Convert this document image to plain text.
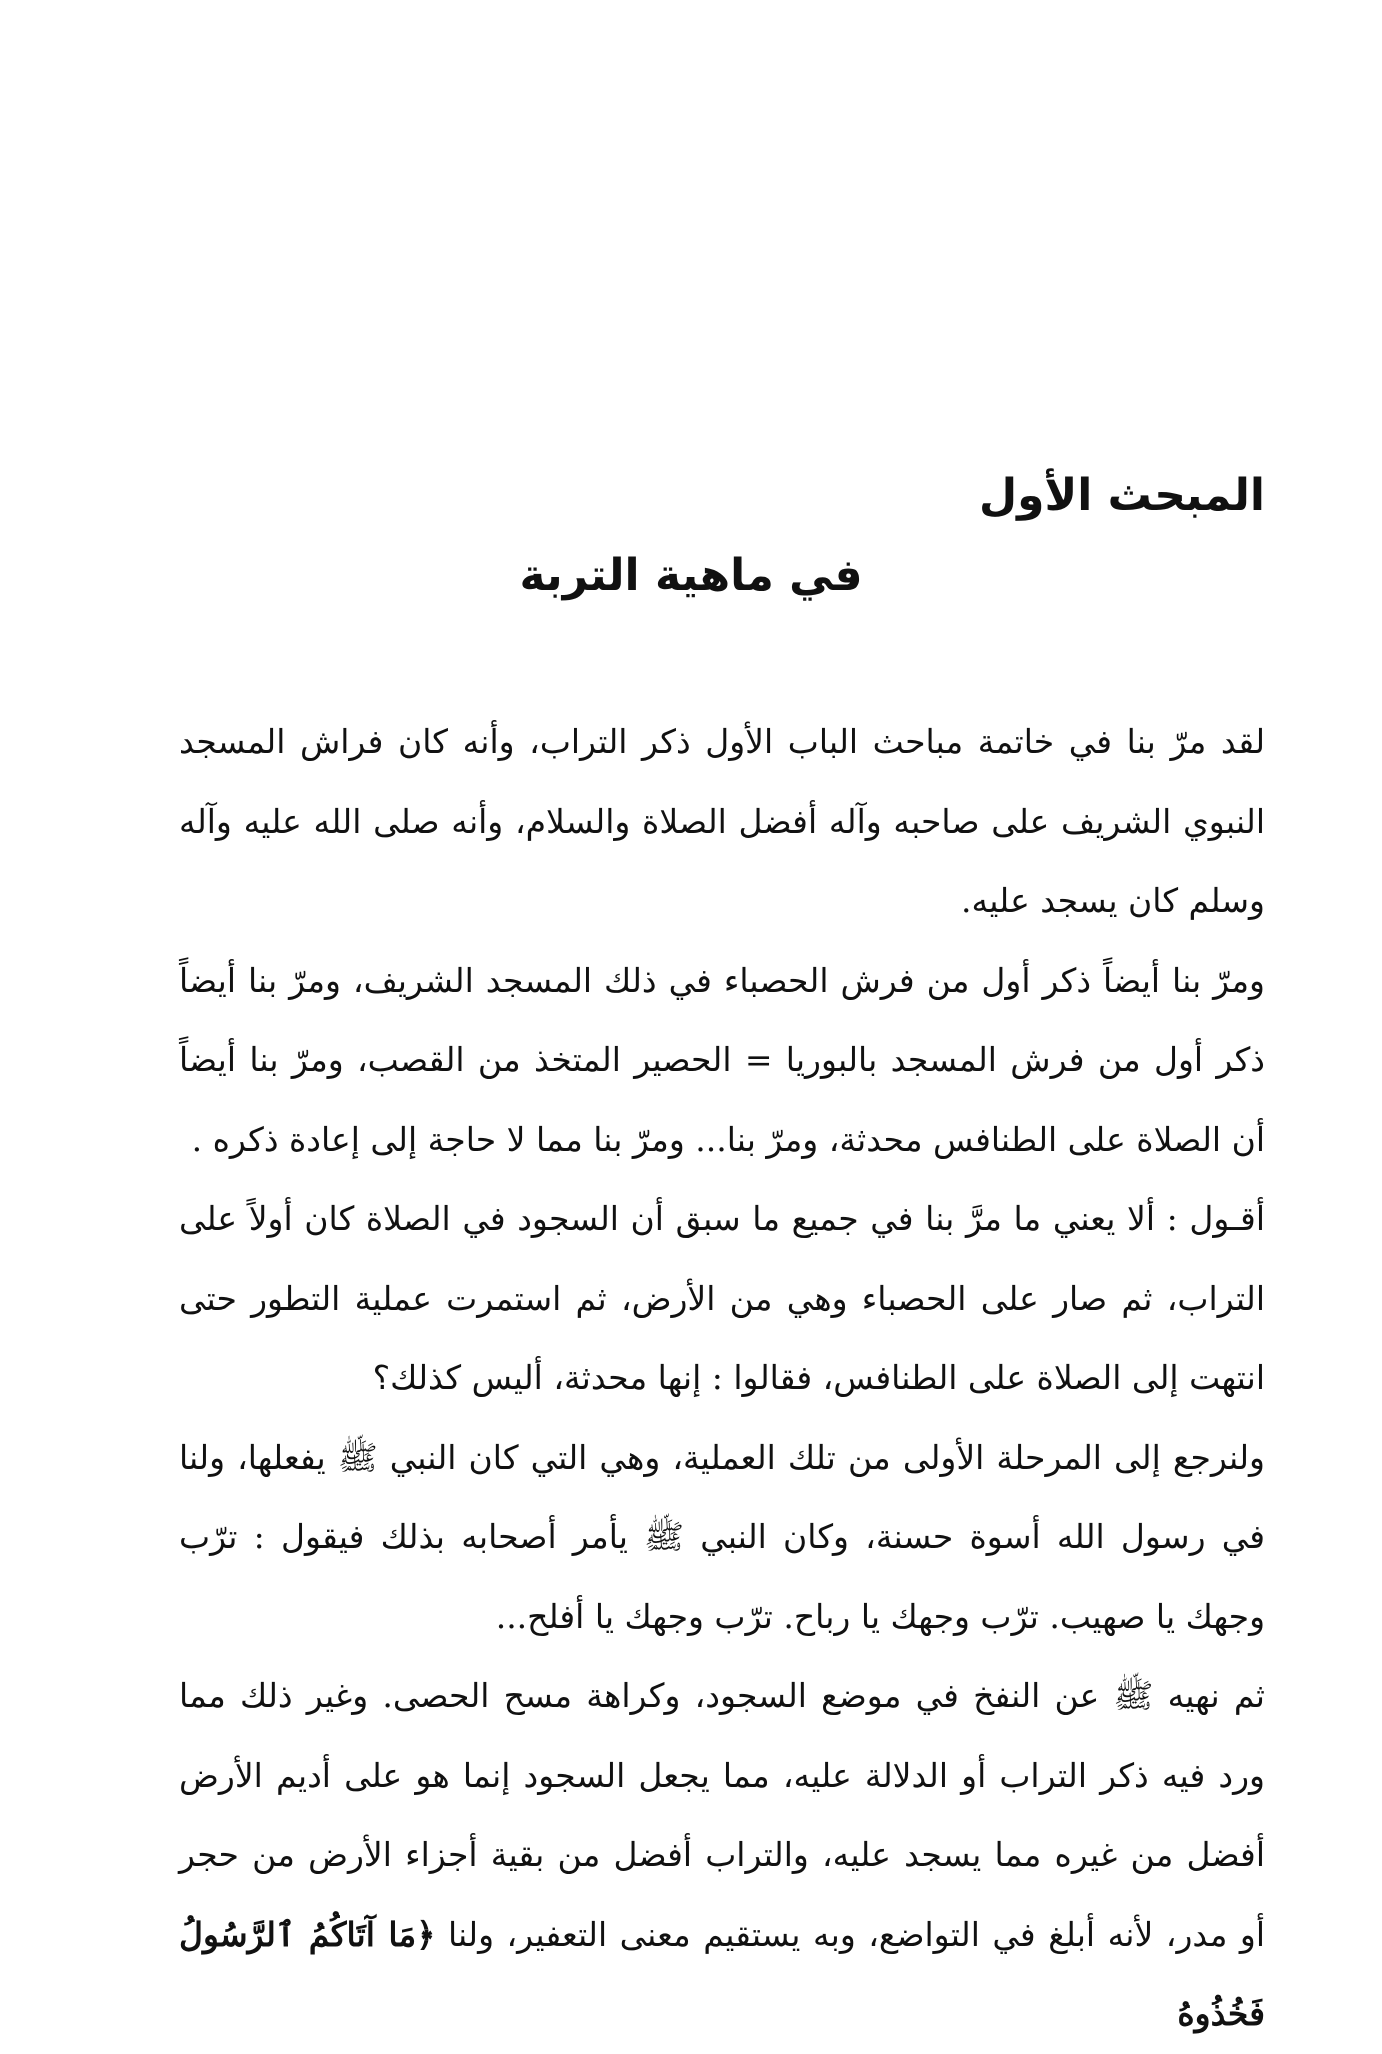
المبحث الأول
في ماهية التربة

لقد مرّ بنا في خاتمة مباحث الباب الأول ذكر التراب، وأنه كان فراش المسجد النبوي الشريف على صاحبه وآله أفضل الصلاة والسلام، وأنه صلى الله عليه وآله وسلم كان يسجد عليه.

ومرّ بنا أيضاً ذكر أول من فرش الحصباء في ذلك المسجد الشريف، ومرّ بنا أيضاً ذكر أول من فرش المسجد بالبوريا = الحصير المتخذ من القصب، ومرّ بنا أيضاً أن الصلاة على الطنافس محدثة، ومرّ بنا... ومرّ بنا مما لا حاجة إلى إعادة ذكره .

أقـول : ألا يعني ما مرَّ بنا في جميع ما سبق أن السجود في الصلاة كان أولاً على التراب، ثم صار على الحصباء وهي من الأرض، ثم استمرت عملية التطور حتى انتهت إلى الصلاة على الطنافس، فقالوا : إنها محدثة، أليس كذلك؟

ولنرجع إلى المرحلة الأولى من تلك العملية، وهي التي كان النبي ﷺ يفعلها، ولنا في رسول الله أسوة حسنة، وكان النبي ﷺ يأمر أصحابه بذلك فيقول : ترّب وجهك يا صهيب. ترّب وجهك يا رباح. ترّب وجهك يا أفلح...

ثم نهيه ﷺ عن النفخ في موضع السجود، وكراهة مسح الحصى. وغير ذلك مما ورد فيه ذكر التراب أو الدلالة عليه، مما يجعل السجود إنما هو على أديم الأرض أفضل من غيره مما يسجد عليه، والتراب أفضل من بقية أجزاء الأرض من حجر أو مدر، لأنه أبلغ في التواضع، وبه يستقيم معنى التعفير، ولنا ﴿مَا آتَاكُمُ ٱلرَّسُولُ فَخُذُوهُ
